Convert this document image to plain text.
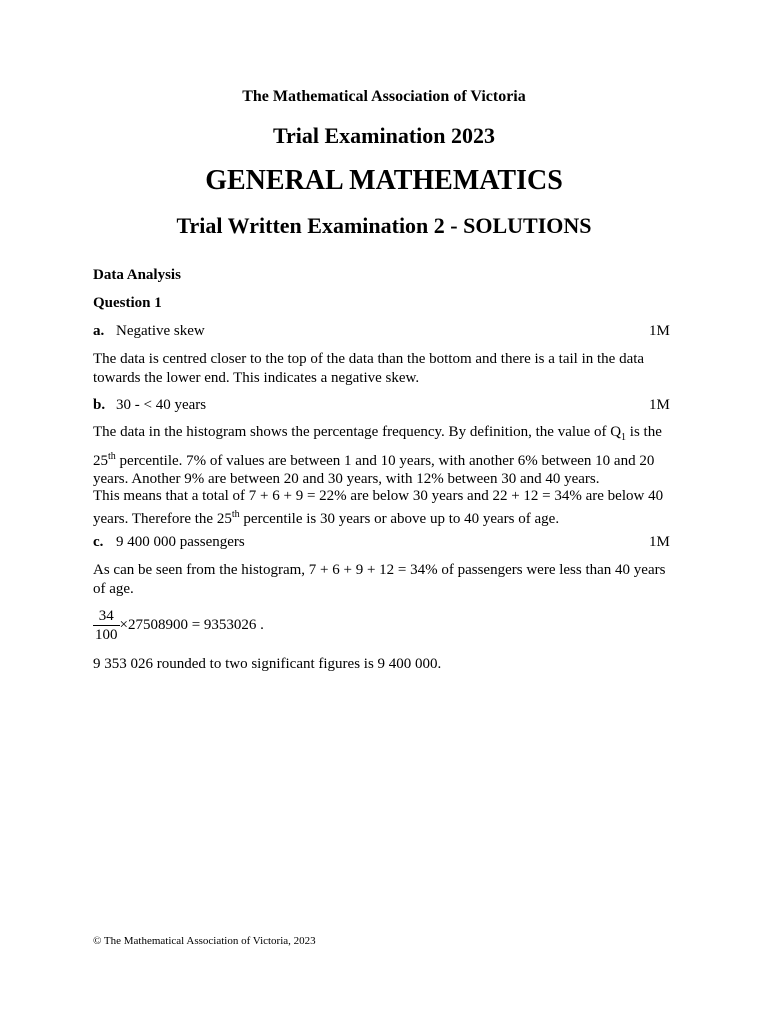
The Mathematical Association of Victoria
Trial Examination 2023
GENERAL MATHEMATICS
Trial Written Examination 2 - SOLUTIONS
Data Analysis
Question 1
a. Negative skew	1M
The data is centred closer to the top of the data than the bottom and there is a tail in the data towards the lower end. This indicates a negative skew.
b. 30 - < 40 years	1M
The data in the histogram shows the percentage frequency. By definition, the value of $Q_1$ is the 25th percentile. 7% of values are between 1 and 10 years, with another 6% between 10 and 20 years. Another 9% are between 20 and 30 years, with 12% between 30 and 40 years.
This means that a total of 7 + 6 + 9 = 22% are below 30 years and 22 + 12 = 34% are below 40 years. Therefore the 25th percentile is 30 years or above up to 40 years of age.
c. 9 400 000 passengers	1M
As can be seen from the histogram, 7 + 6 + 9 + 12 = 34% of passengers were less than 40 years of age.
$\frac{34}{100} \times 27508900 = 9353026$ .
9 353 026 rounded to two significant figures is 9 400 000.
© The Mathematical Association of Victoria, 2023
